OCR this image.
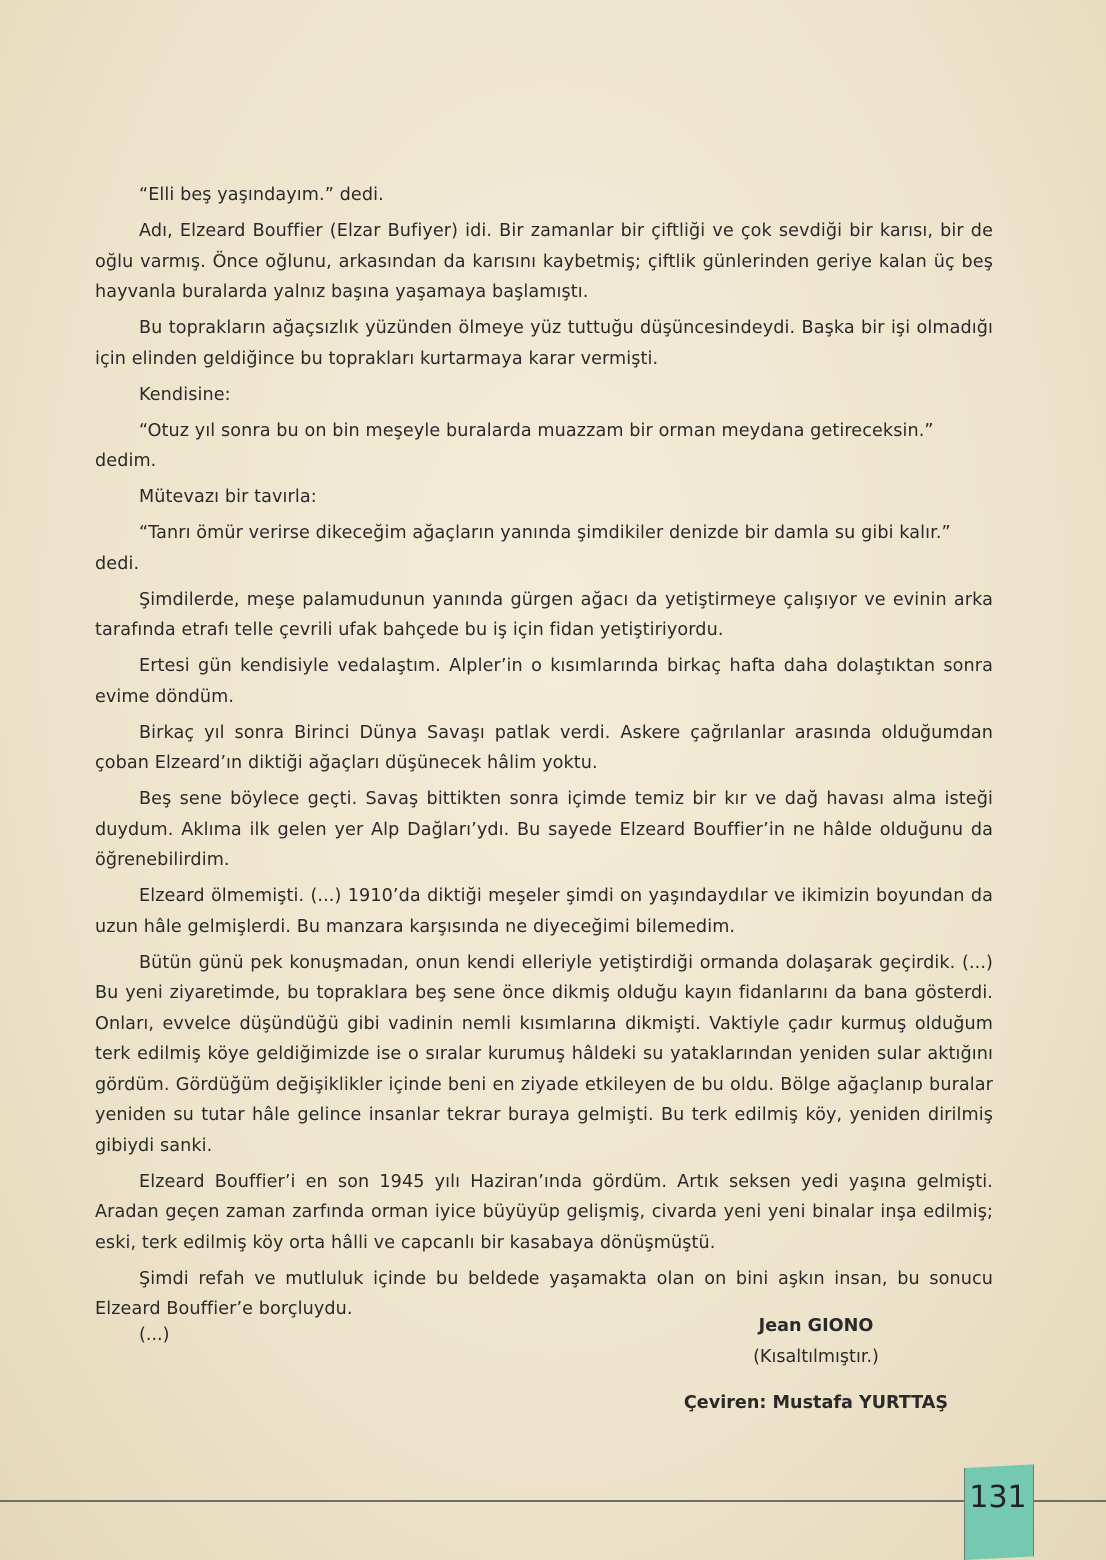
“Elli beş yaşındayım.” dedi.

Adı, Elzeard Bouffier (Elzar Bufiyer) idi. Bir zamanlar bir çiftliği ve çok sevdiği bir karısı, bir de oğlu varmış. Önce oğlunu, arkasından da karısını kaybetmiş; çiftlik günlerinden geriye kalan üç beş hayvanla buralarda yalnız başına yaşamaya başlamıştı.

Bu toprakların ağaçsızlık yüzünden ölmeye yüz tuttuğu düşüncesindeydi. Başka bir işi olmadığı için elinden geldiğince bu toprakları kurtarmaya karar vermişti.

Kendisine:

“Otuz yıl sonra bu on bin meşeyle buralarda muazzam bir orman meydana getireceksin.” dedim.

Mütevazı bir tavırla:

“Tanrı ömür verirse dikeceğim ağaçların yanında şimdikiler denizde bir damla su gibi kalır.” dedi.

Şimdilerde, meşe palamudunun yanında gürgen ağacı da yetiştirmeye çalışıyor ve evinin arka tarafında etrafı telle çevrili ufak bahçede bu iş için fidan yetiştiriyordu.

Ertesi gün kendisiyle vedalaştım. Alpler’in o kısımlarında birkaç hafta daha dolaştıktan sonra evime döndüm.

Birkaç yıl sonra Birinci Dünya Savaşı patlak verdi. Askere çağrılanlar arasında olduğumdan çoban Elzeard’ın diktiği ağaçları düşünecek hâlim yoktu.

Beş sene böylece geçti. Savaş bittikten sonra içimde temiz bir kır ve dağ havası alma isteği duydum. Aklıma ilk gelen yer Alp Dağları’ydı. Bu sayede Elzeard Bouffier’in ne hâlde olduğunu da öğrenebilirdim.

Elzeard ölmemişti. (...) 1910’da diktiği meşeler şimdi on yaşındaydılar ve ikimizin boyundan da uzun hâle gelmişlerdi. Bu manzara karşısında ne diyeceğimi bilemedim.

Bütün günü pek konuşmadan, onun kendi elleriyle yetiştirdiği ormanda dolaşarak geçirdik. (...) Bu yeni ziyaretimde, bu topraklara beş sene önce dikmiş olduğu kayın fidanlarını da bana gösterdi. Onları, evvelce düşündüğü gibi vadinin nemli kısımlarına dikmişti. Vaktiyle çadır kurmuş olduğum terk edilmiş köye geldiğimizde ise o sıralar kurumuş hâldeki su yataklarından yeniden sular aktığını gördüm. Gördüğüm değişiklikler içinde beni en ziyade etkileyen de bu oldu. Bölge ağaçlanıp buralar yeniden su tutar hâle gelince insanlar tekrar buraya gelmişti. Bu terk edilmiş köy, yeniden dirilmiş gibiydi sanki.

Elzeard Bouffier’i en son 1945 yılı Haziran’ında gördüm. Artık seksen yedi yaşına gelmişti. Aradan geçen zaman zarfında orman iyice büyüyüp gelişmiş, civarda yeni yeni binalar inşa edilmiş; eski, terk edilmiş köy orta hâlli ve capcanlı bir kasabaya dönüşmüştü.

Şimdi refah ve mutluluk içinde bu beldede yaşamakta olan on bini aşkın insan, bu sonucu Elzeard Bouffier’e borçluydu.

(...)	Jean GIONO
(Kısaltılmıştır.)
Çeviren: Mustafa YURTTAŞ
131
